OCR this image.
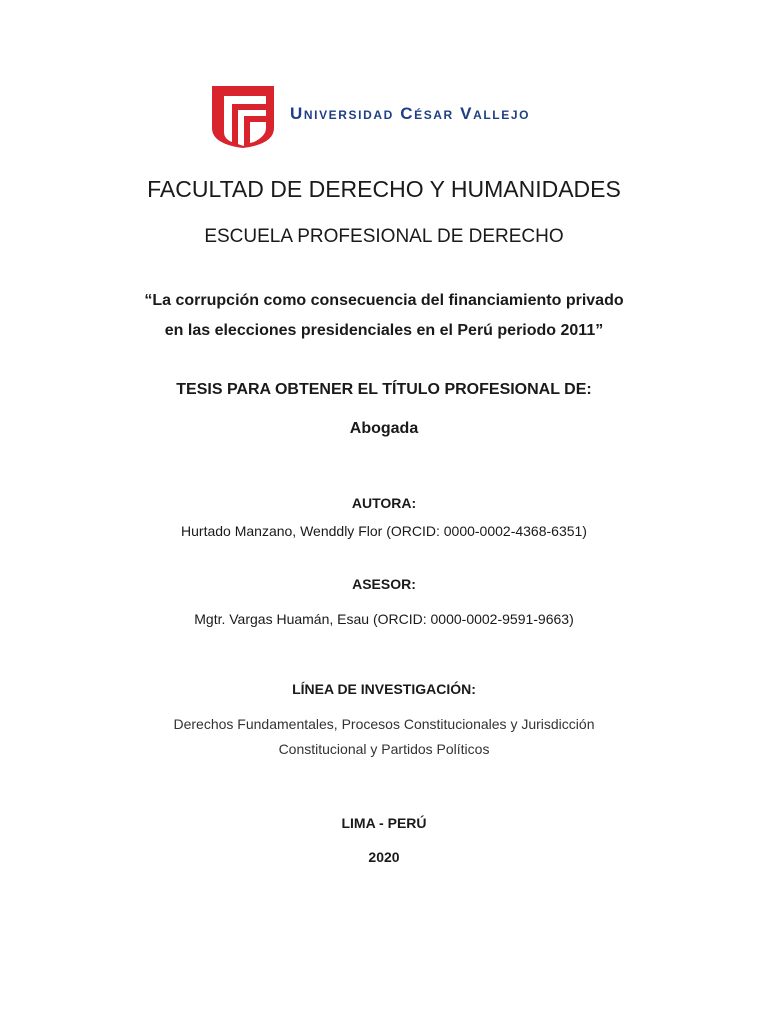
Universidad César Vallejo
FACULTAD DE DERECHO Y HUMANIDADES
ESCUELA PROFESIONAL DE DERECHO
“La corrupción como consecuencia del financiamiento privado
en las elecciones presidenciales en el Perú periodo 2011”
TESIS PARA OBTENER EL TÍTULO PROFESIONAL DE:
Abogada
AUTORA:
Hurtado Manzano, Wenddly Flor (ORCID: 0000-0002-4368-6351)
ASESOR:
Mgtr. Vargas Huamán, Esau (ORCID: 0000-0002-9591-9663)
LÍNEA DE INVESTIGACIÓN:
Derechos Fundamentales, Procesos Constitucionales y Jurisdicción
Constitucional y Partidos Políticos
LIMA - PERÚ
2020
